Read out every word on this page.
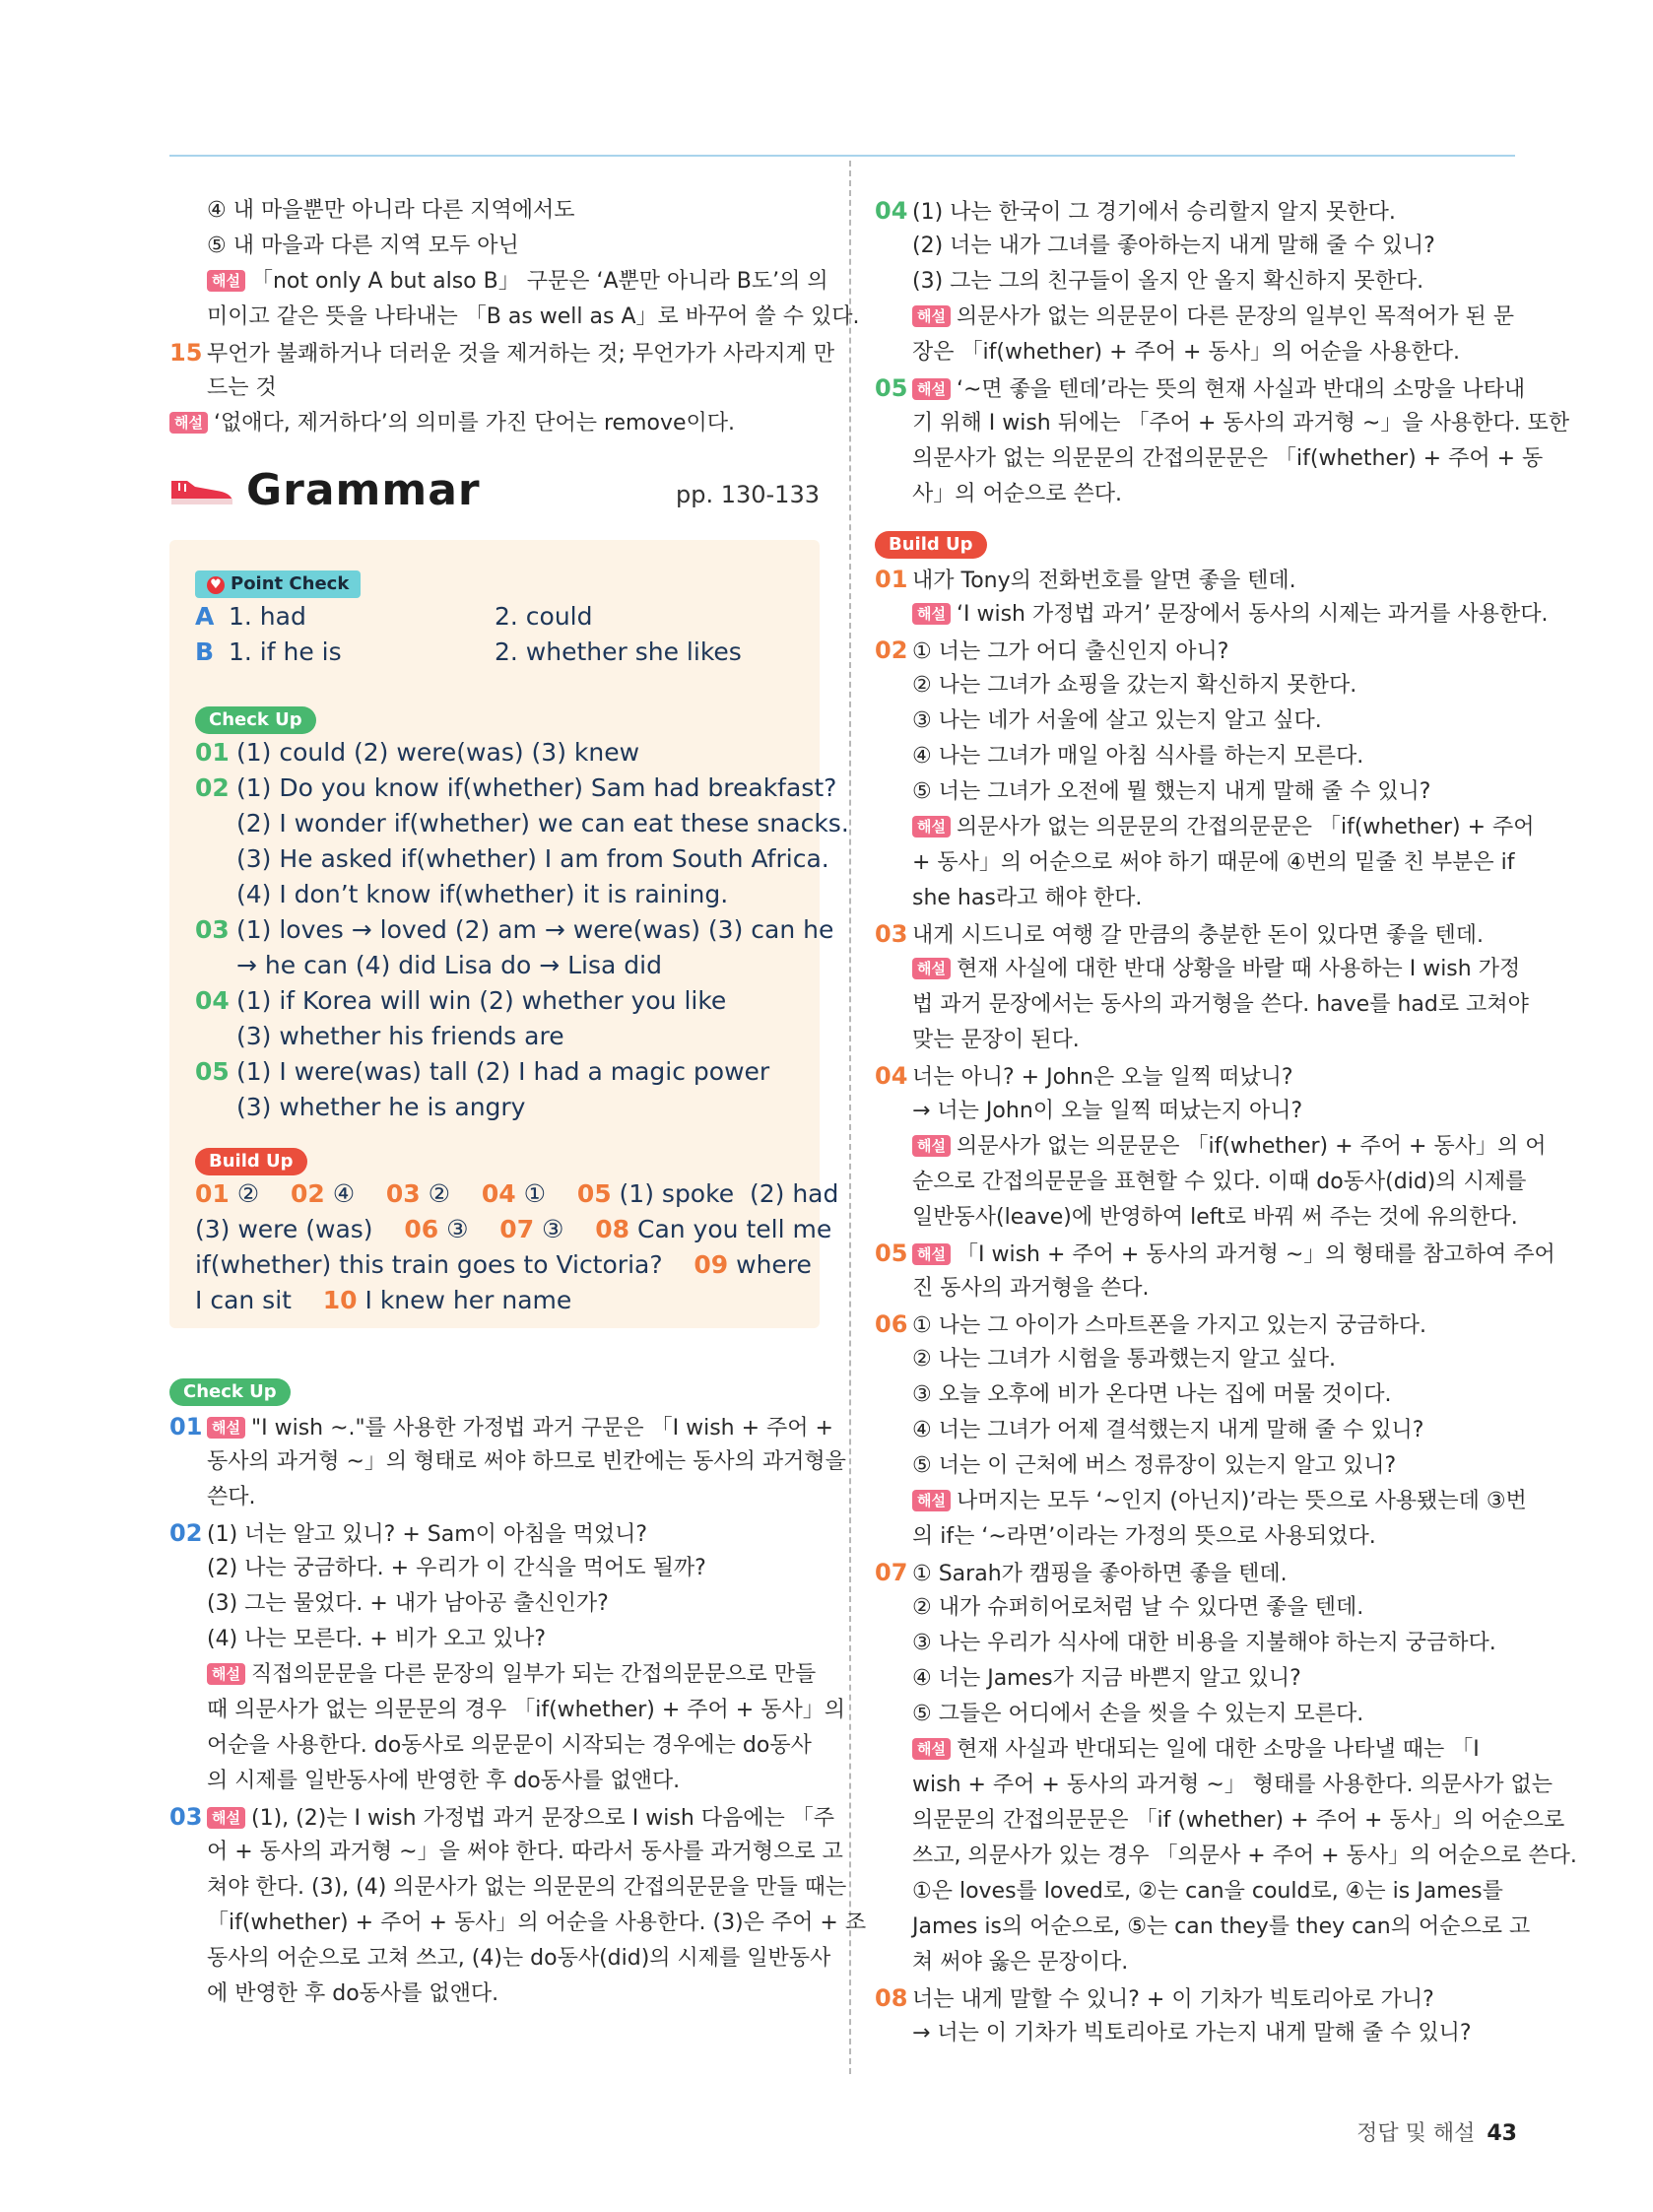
④ 내 마을뿐만 아니라 다른 지역에서도
⑤ 내 마을과 다른 지역 모두 아닌
해설 「not only A but also B」 구문은 ‘A뿐만 아니라 B도’의 의
미이고 같은 뜻을 나타내는 「B as well as A」로 바꾸어 쓸 수 있다.
15 무언가 불쾌하거나 더러운 것을 제거하는 것; 무언가가 사라지게 만
드는 것
해설 ‘없애다, 제거하다’의 의미를 가진 단어는 remove이다.
Grammar	pp. 130-133
♥ Point Check
A 1. had	2. could
B 1. if he is	2. whether she likes
Check Up
01 (1) could (2) were(was) (3) knew
02 (1) Do you know if(whether) Sam had breakfast?
(2) I wonder if(whether) we can eat these snacks.
(3) He asked if(whether) I am from South Africa.
(4) I don’t know if(whether) it is raining.
03 (1) loves → loved (2) am → were(was) (3) can he
→ he can (4) did Lisa do → Lisa did
04 (1) if Korea will win (2) whether you like
(3) whether his friends are
05 (1) I were(was) tall (2) I had a magic power
(3) whether he is angry
Build Up
01 ②    02 ④    03 ②    04 ①    05 (1) spoke  (2) had
(3) were (was)    06 ③    07 ③    08 Can you tell me
if(whether) this train goes to Victoria?    09 where
I can sit    10 I knew her name
Check Up
01 해설 "I wish ~."를 사용한 가정법 과거 구문은 「I wish + 주어 +
동사의 과거형 ~」의 형태로 써야 하므로 빈칸에는 동사의 과거형을
쓴다.
02 (1) 너는 알고 있니? + Sam이 아침을 먹었니?
(2) 나는 궁금하다. + 우리가 이 간식을 먹어도 될까?
(3) 그는 물었다. + 내가 남아공 출신인가?
(4) 나는 모른다. + 비가 오고 있나?
해설 직접의문문을 다른 문장의 일부가 되는 간접의문문으로 만들
때 의문사가 없는 의문문의 경우 「if(whether) + 주어 + 동사」의
어순을 사용한다. do동사로 의문문이 시작되는 경우에는 do동사
의 시제를 일반동사에 반영한 후 do동사를 없앤다.
03 해설 (1), (2)는 I wish 가정법 과거 문장으로 I wish 다음에는 「주
어 + 동사의 과거형 ~」을 써야 한다. 따라서 동사를 과거형으로 고
쳐야 한다. (3), (4) 의문사가 없는 의문문의 간접의문문을 만들 때는
「if(whether) + 주어 + 동사」의 어순을 사용한다. (3)은 주어 + 조
동사의 어순으로 고쳐 쓰고, (4)는 do동사(did)의 시제를 일반동사
에 반영한 후 do동사를 없앤다.
04 (1) 나는 한국이 그 경기에서 승리할지 알지 못한다.
(2) 너는 내가 그녀를 좋아하는지 내게 말해 줄 수 있니?
(3) 그는 그의 친구들이 올지 안 올지 확신하지 못한다.
해설 의문사가 없는 의문문이 다른 문장의 일부인 목적어가 된 문
장은 「if(whether) + 주어 + 동사」의 어순을 사용한다.
05 해설 ‘~면 좋을 텐데’라는 뜻의 현재 사실과 반대의 소망을 나타내
기 위해 I wish 뒤에는 「주어 + 동사의 과거형 ~」을 사용한다. 또한
의문사가 없는 의문문의 간접의문문은 「if(whether) + 주어 + 동
사」의 어순으로 쓴다.
Build Up
01 내가 Tony의 전화번호를 알면 좋을 텐데.
해설 ‘I wish 가정법 과거’ 문장에서 동사의 시제는 과거를 사용한다.
02 ① 너는 그가 어디 출신인지 아니?
② 나는 그녀가 쇼핑을 갔는지 확신하지 못한다.
③ 나는 네가 서울에 살고 있는지 알고 싶다.
④ 나는 그녀가 매일 아침 식사를 하는지 모른다.
⑤ 너는 그녀가 오전에 뭘 했는지 내게 말해 줄 수 있니?
해설 의문사가 없는 의문문의 간접의문문은 「if(whether) + 주어
+ 동사」의 어순으로 써야 하기 때문에 ④번의 밑줄 친 부분은 if
she has라고 해야 한다.
03 내게 시드니로 여행 갈 만큼의 충분한 돈이 있다면 좋을 텐데.
해설 현재 사실에 대한 반대 상황을 바랄 때 사용하는 I wish 가정
법 과거 문장에서는 동사의 과거형을 쓴다. have를 had로 고쳐야
맞는 문장이 된다.
04 너는 아니? + John은 오늘 일찍 떠났니?
→ 너는 John이 오늘 일찍 떠났는지 아니?
해설 의문사가 없는 의문문은 「if(whether) + 주어 + 동사」의 어
순으로 간접의문문을 표현할 수 있다. 이때 do동사(did)의 시제를
일반동사(leave)에 반영하여 left로 바꿔 써 주는 것에 유의한다.
05 해설 「I wish + 주어 + 동사의 과거형 ~」의 형태를 참고하여 주어
진 동사의 과거형을 쓴다.
06 ① 나는 그 아이가 스마트폰을 가지고 있는지 궁금하다.
② 나는 그녀가 시험을 통과했는지 알고 싶다.
③ 오늘 오후에 비가 온다면 나는 집에 머물 것이다.
④ 너는 그녀가 어제 결석했는지 내게 말해 줄 수 있니?
⑤ 너는 이 근처에 버스 정류장이 있는지 알고 있니?
해설 나머지는 모두 ‘~인지 (아닌지)’라는 뜻으로 사용됐는데 ③번
의 if는 ‘~라면’이라는 가정의 뜻으로 사용되었다.
07 ① Sarah가 캠핑을 좋아하면 좋을 텐데.
② 내가 슈퍼히어로처럼 날 수 있다면 좋을 텐데.
③ 나는 우리가 식사에 대한 비용을 지불해야 하는지 궁금하다.
④ 너는 James가 지금 바쁜지 알고 있니?
⑤ 그들은 어디에서 손을 씻을 수 있는지 모른다.
해설 현재 사실과 반대되는 일에 대한 소망을 나타낼 때는 「I
wish + 주어 + 동사의 과거형 ~」 형태를 사용한다. 의문사가 없는
의문문의 간접의문문은 「if (whether) + 주어 + 동사」의 어순으로
쓰고, 의문사가 있는 경우 「의문사 + 주어 + 동사」의 어순으로 쓴다.
①은 loves를 loved로, ②는 can을 could로, ④는 is James를
James is의 어순으로, ⑤는 can they를 they can의 어순으로 고
쳐 써야 옳은 문장이다.
08 너는 내게 말할 수 있니? + 이 기차가 빅토리아로 가니?
→ 너는 이 기차가 빅토리아로 가는지 내게 말해 줄 수 있니?
정답 및 해설 43
